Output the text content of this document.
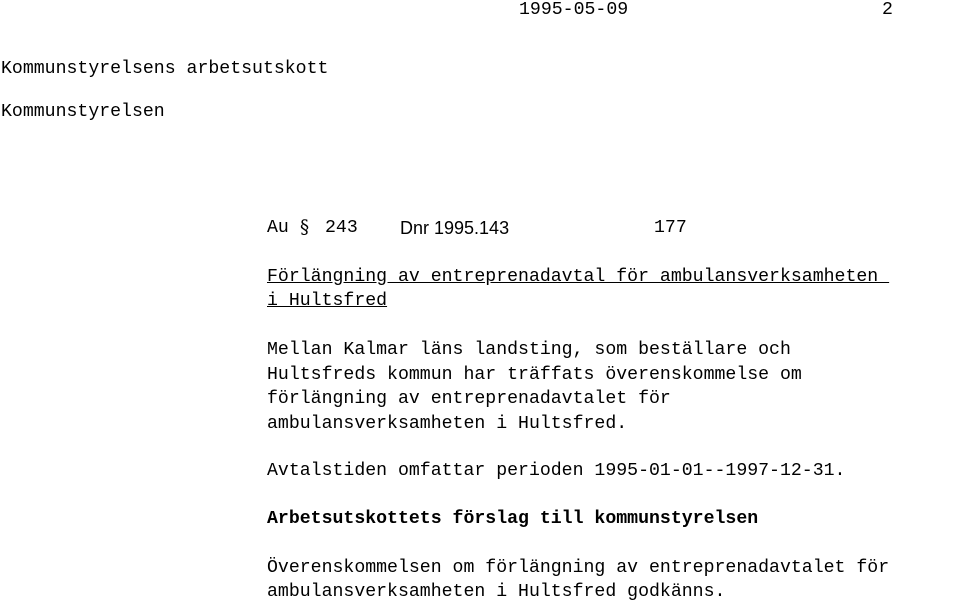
1995-05-09	2
Kommunstyrelsens arbetsutskott
Kommunstyrelsen
Au § 243 Dnr 1995.143	177
Förlängning av entreprenadavtal för ambulansverksamheten
i Hultsfred
Mellan Kalmar läns landsting, som beställare och
Hultsfreds kommun har träffats överenskommelse om
förlängning av entreprenadavtalet för
ambulansverksamheten i Hultsfred.
Avtalstiden omfattar perioden 1995-01-01--1997-12-31.
Arbetsutskottets förslag till kommunstyrelsen
Överenskommelsen om förlängning av entreprenadavtalet för
ambulansverksamheten i Hultsfred godkänns.
